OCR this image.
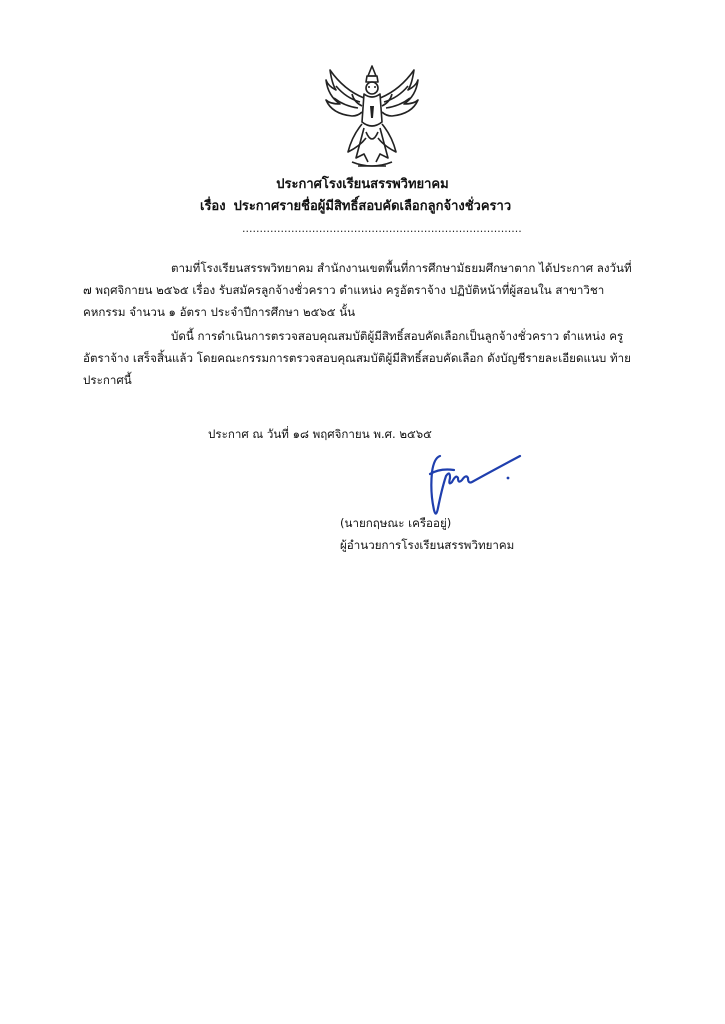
ประกาศโรงเรียนสรรพวิทยาคม
เรื่อง ประกาศรายชื่อผู้มีสิทธิ์สอบคัดเลือกลูกจ้างชั่วคราว
................................................................................
ตามที่โรงเรียนสรรพวิทยาคม สำนักงานเขตพื้นที่การศึกษามัธยมศึกษาตาก ได้ประกาศ ลงวันที่ ๗ พฤศจิกายน ๒๕๖๕ เรื่อง รับสมัครลูกจ้างชั่วคราว ตำแหน่ง ครูอัตราจ้าง ปฏิบัติหน้าที่ผู้สอนใน สาขาวิชาคหกรรม จำนวน ๑ อัตรา ประจำปีการศึกษา ๒๕๖๕ นั้น
บัดนี้ การดำเนินการตรวจสอบคุณสมบัติผู้มีสิทธิ์สอบคัดเลือกเป็นลูกจ้างชั่วคราว ตำแหน่ง ครูอัตราจ้าง เสร็จสิ้นแล้ว โดยคณะกรรมการตรวจสอบคุณสมบัติผู้มีสิทธิ์สอบคัดเลือก ดังบัญชีรายละเอียดแนบ ท้ายประกาศนี้
ประกาศ ณ วันที่ ๑๘ พฤศจิกายน พ.ศ. ๒๕๖๕
(นายกฤษณะ เครืออยู่)
ผู้อำนวยการโรงเรียนสรรพวิทยาคม
